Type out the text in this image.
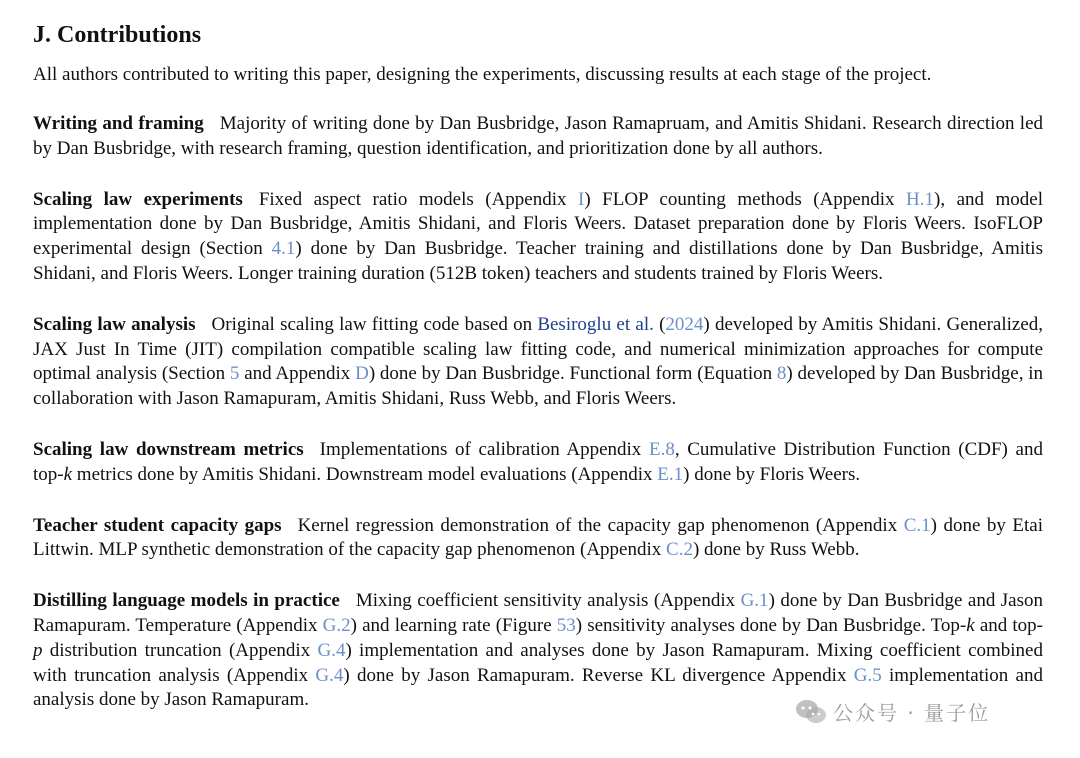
J. Contributions

All authors contributed to writing this paper, designing the experiments, discussing results at each stage of the project.

Writing and framing Majority of writing done by Dan Busbridge, Jason Ramapruam, and Amitis Shidani. Research direction led by Dan Busbridge, with research framing, question identification, and prioritization done by all authors.

Scaling law experiments Fixed aspect ratio models (Appendix I) FLOP counting methods (Appendix H.1), and model implementation done by Dan Busbridge, Amitis Shidani, and Floris Weers. Dataset preparation done by Floris Weers. IsoFLOP experimental design (Section 4.1) done by Dan Busbridge. Teacher training and distillations done by Dan Busbridge, Amitis Shidani, and Floris Weers. Longer training duration (512B token) teachers and students trained by Floris Weers.

Scaling law analysis Original scaling law fitting code based on Besiroglu et al. (2024) developed by Amitis Shidani. Generalized, JAX Just In Time (JIT) compilation compatible scaling law fitting code, and numerical minimization approaches for compute optimal analysis (Section 5 and Appendix D) done by Dan Busbridge. Functional form (Equation 8) developed by Dan Busbridge, in collaboration with Jason Ramapuram, Amitis Shidani, Russ Webb, and Floris Weers.

Scaling law downstream metrics Implementations of calibration Appendix E.8, Cumulative Distribution Function (CDF) and top-k metrics done by Amitis Shidani. Downstream model evaluations (Appendix E.1) done by Floris Weers.

Teacher student capacity gaps Kernel regression demonstration of the capacity gap phenomenon (Appendix C.1) done by Etai Littwin. MLP synthetic demonstration of the capacity gap phenomenon (Appendix C.2) done by Russ Webb.

Distilling language models in practice Mixing coefficient sensitivity analysis (Appendix G.1) done by Dan Busbridge and Jason Ramapuram. Temperature (Appendix G.2) and learning rate (Figure 53) sensitivity analyses done by Dan Busbridge. Top-k and top-p distribution truncation (Appendix G.4) implementation and analyses done by Jason Ramapuram. Mixing coefficient combined with truncation analysis (Appendix G.4) done by Jason Ramapuram. Reverse KL divergence Appendix G.5 implementation and analysis done by Jason Ramapuram.

公众号 · 量子位
